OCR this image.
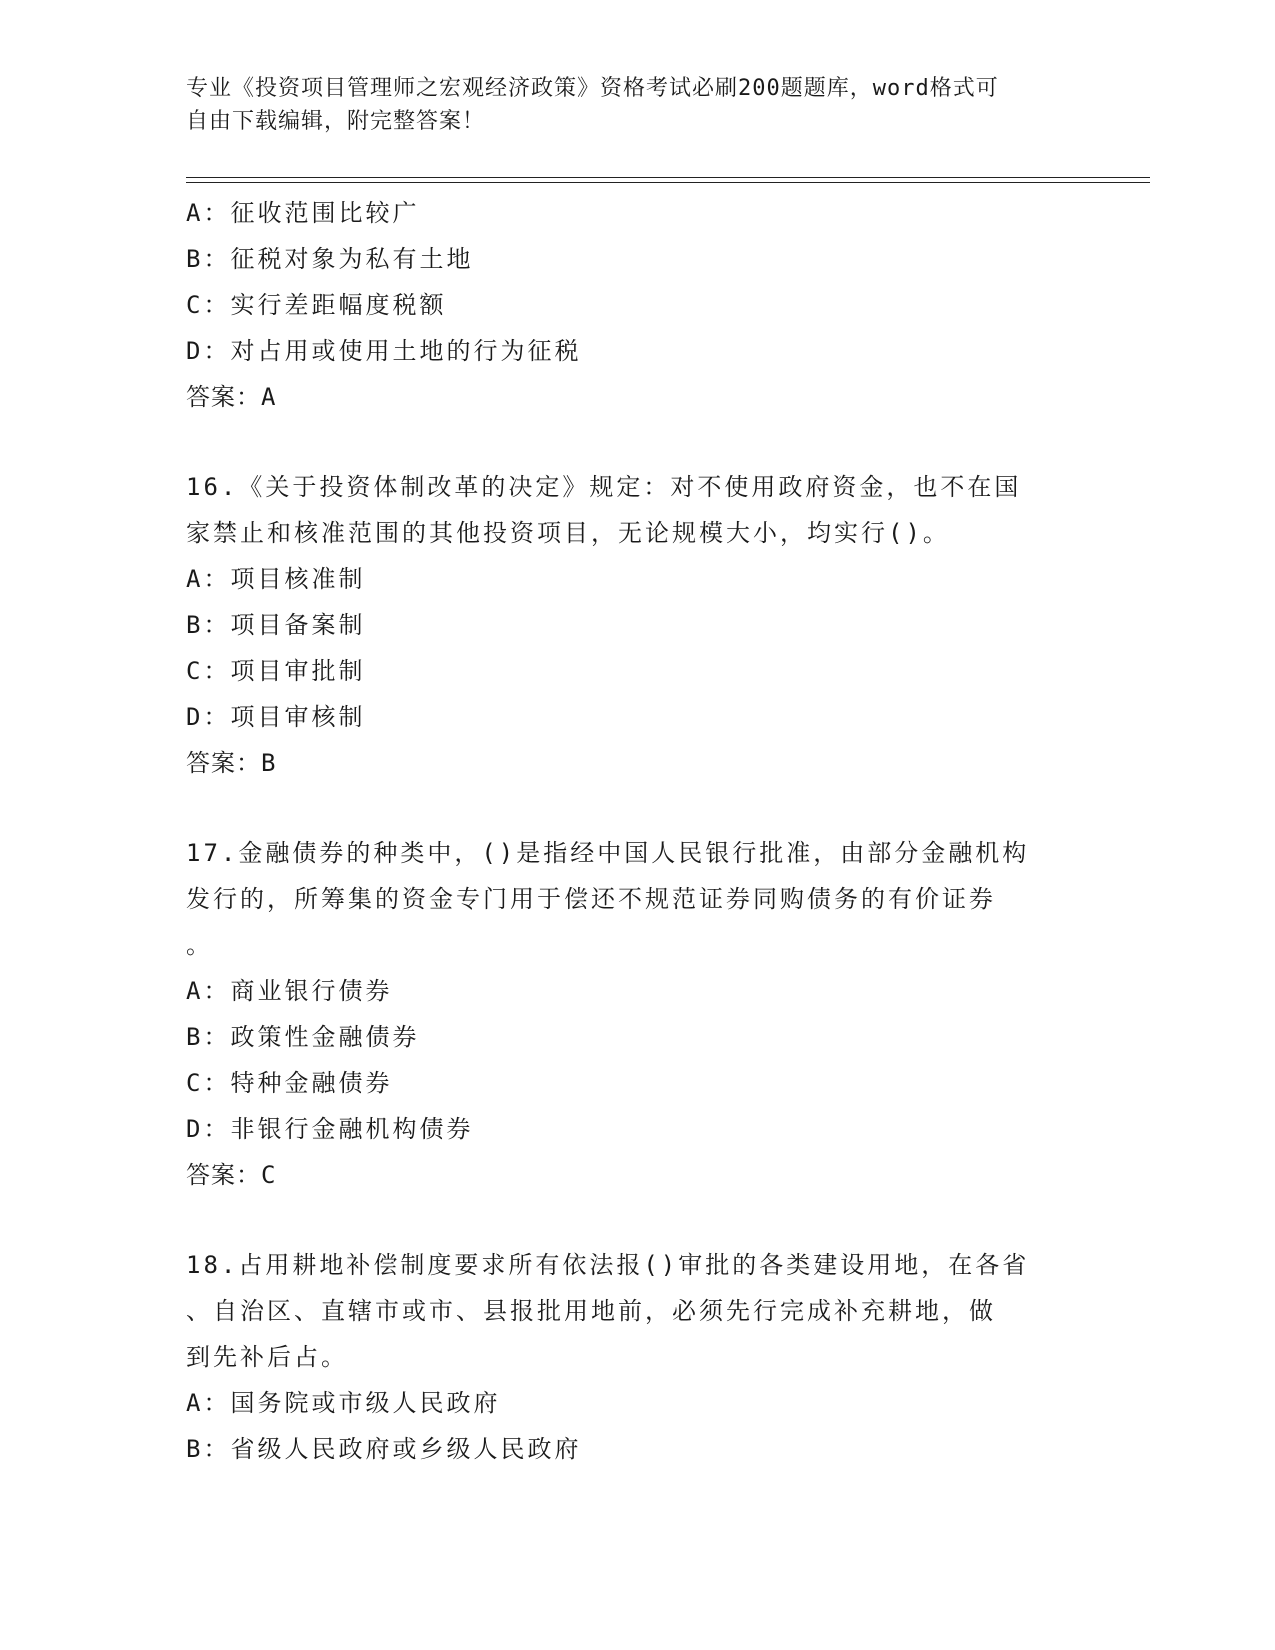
专业《投资项目管理师之宏观经济政策》资格考试必刷200题题库，word格式可
自由下载编辑，附完整答案！
A：征收范围比较广
B：征税对象为私有土地
C：实行差距幅度税额
D：对占用或使用土地的行为征税
答案：A
16.《关于投资体制改革的决定》规定：对不使用政府资金，也不在国
家禁止和核准范围的其他投资项目，无论规模大小，均实行()。
A：项目核准制
B：项目备案制
C：项目审批制
D：项目审核制
答案：B
17.金融债券的种类中，()是指经中国人民银行批准，由部分金融机构
发行的，所筹集的资金专门用于偿还不规范证券同购债务的有价证券
。
A：商业银行债券
B：政策性金融债券
C：特种金融债券
D：非银行金融机构债券
答案：C
18.占用耕地补偿制度要求所有依法报()审批的各类建设用地，在各省
、自治区、直辖市或市、县报批用地前，必须先行完成补充耕地，做
到先补后占。
A：国务院或市级人民政府
B：省级人民政府或乡级人民政府
